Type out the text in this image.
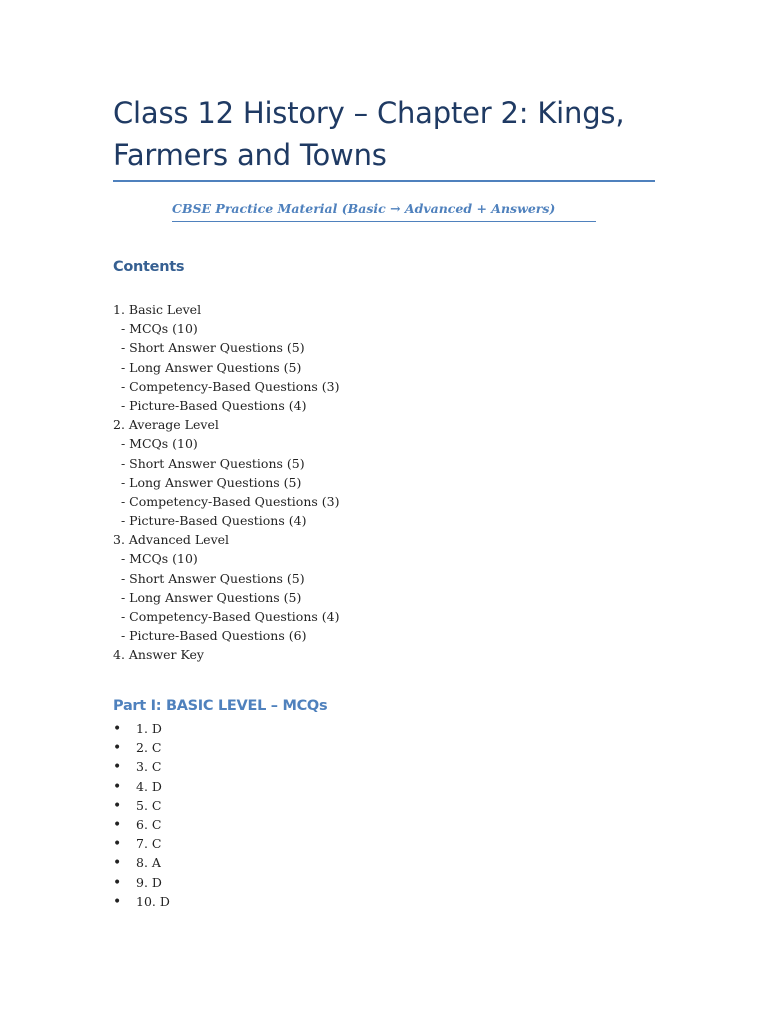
Class 12 History – Chapter 2: Kings, Farmers and Towns
CBSE Practice Material (Basic → Advanced + Answers)
Contents
1. Basic Level
- MCQs (10)
- Short Answer Questions (5)
- Long Answer Questions (5)
- Competency-Based Questions (3)
- Picture-Based Questions (4)
2. Average Level
- MCQs (10)
- Short Answer Questions (5)
- Long Answer Questions (5)
- Competency-Based Questions (3)
- Picture-Based Questions (4)
3. Advanced Level
- MCQs (10)
- Short Answer Questions (5)
- Long Answer Questions (5)
- Competency-Based Questions (4)
- Picture-Based Questions (6)
4. Answer Key
Part I: BASIC LEVEL – MCQs
• 1. D
• 2. C
• 3. C
• 4. D
• 5. C
• 6. C
• 7. C
• 8. A
• 9. D
• 10. D
